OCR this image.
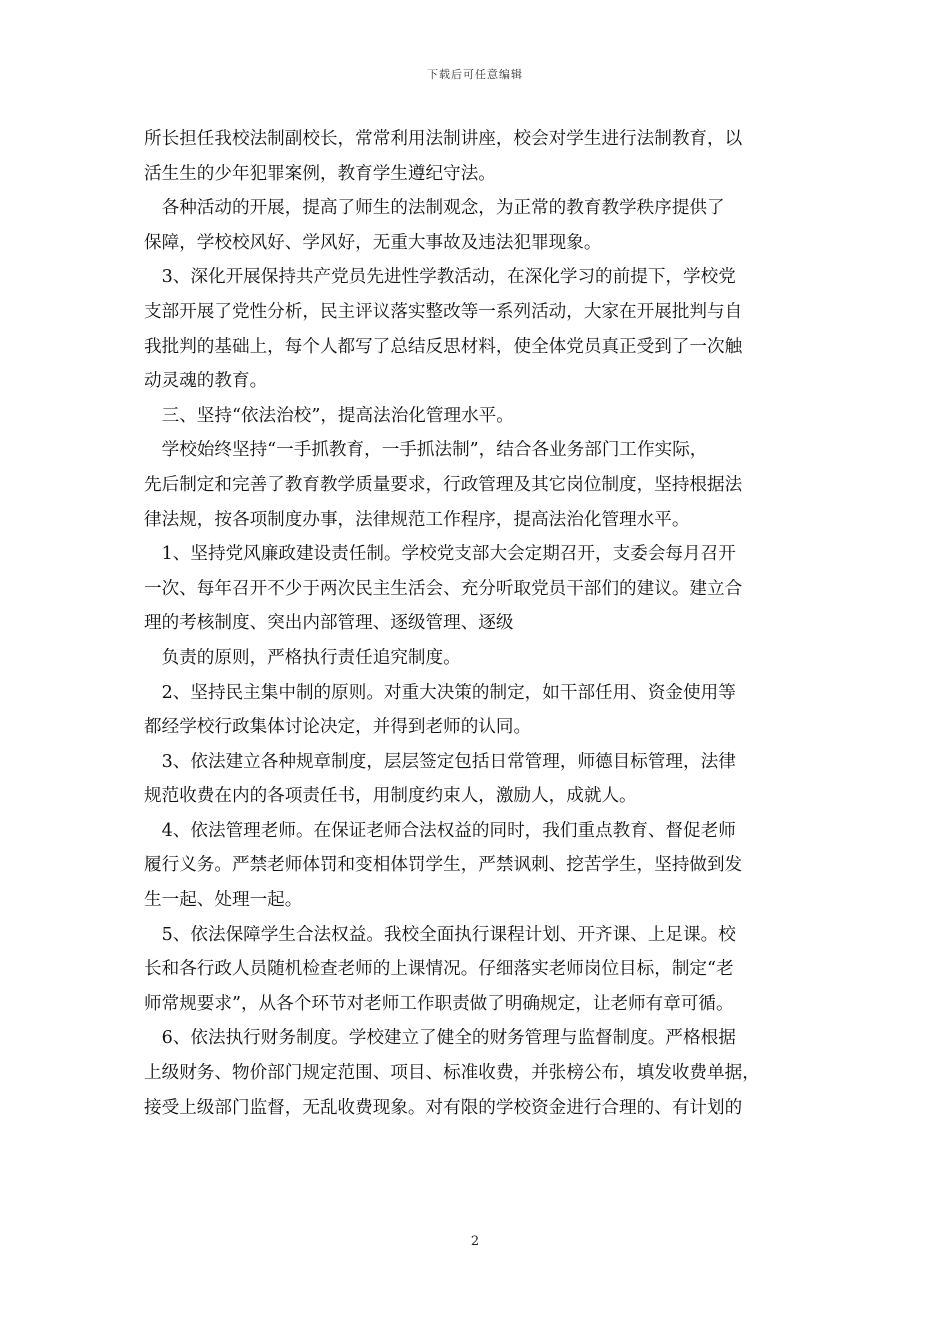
下载后可任意编辑

所长担任我校法制副校长，常常利用法制讲座，校会对学生进行法制教育，以

活生生的少年犯罪案例，教育学生遵纪守法。

　各种活动的开展，提高了师生的法制观念，为正常的教育教学秩序提供了

保障，学校校风好、学风好，无重大事故及违法犯罪现象。

　3、深化开展保持共产党员先进性学教活动，在深化学习的前提下，学校党

支部开展了党性分析，民主评议落实整改等一系列活动，大家在开展批判与自

我批判的基础上，每个人都写了总结反思材料，使全体党员真正受到了一次触

动灵魂的教育。

　三、坚持“依法治校”，提高法治化管理水平。

　学校始终坚持“一手抓教育，一手抓法制”，结合各业务部门工作实际，

先后制定和完善了教育教学质量要求，行政管理及其它岗位制度，坚持根据法

律法规，按各项制度办事，法律规范工作程序，提高法治化管理水平。

　1、坚持党风廉政建设责任制。学校党支部大会定期召开，支委会每月召开

一次、每年召开不少于两次民主生活会、充分听取党员干部们的建议。建立合

理的考核制度、突出内部管理、逐级管理、逐级

　负责的原则，严格执行责任追究制度。

　2、坚持民主集中制的原则。对重大决策的制定，如干部任用、资金使用等

都经学校行政集体讨论决定，并得到老师的认同。

　3、依法建立各种规章制度，层层签定包括日常管理，师德目标管理，法律

规范收费在内的各项责任书，用制度约束人，激励人，成就人。

　4、依法管理老师。在保证老师合法权益的同时，我们重点教育、督促老师

履行义务。严禁老师体罚和变相体罚学生，严禁讽刺、挖苦学生，坚持做到发

生一起、处理一起。

　5、依法保障学生合法权益。我校全面执行课程计划、开齐课、上足课。校

长和各行政人员随机检查老师的上课情况。仔细落实老师岗位目标，制定“老

师常规要求”，从各个环节对老师工作职责做了明确规定，让老师有章可循。

　6、依法执行财务制度。学校建立了健全的财务管理与监督制度。严格根据

上级财务、物价部门规定范围、项目、标准收费，并张榜公布，填发收费单据，

接受上级部门监督，无乱收费现象。对有限的学校资金进行合理的、有计划的

2
